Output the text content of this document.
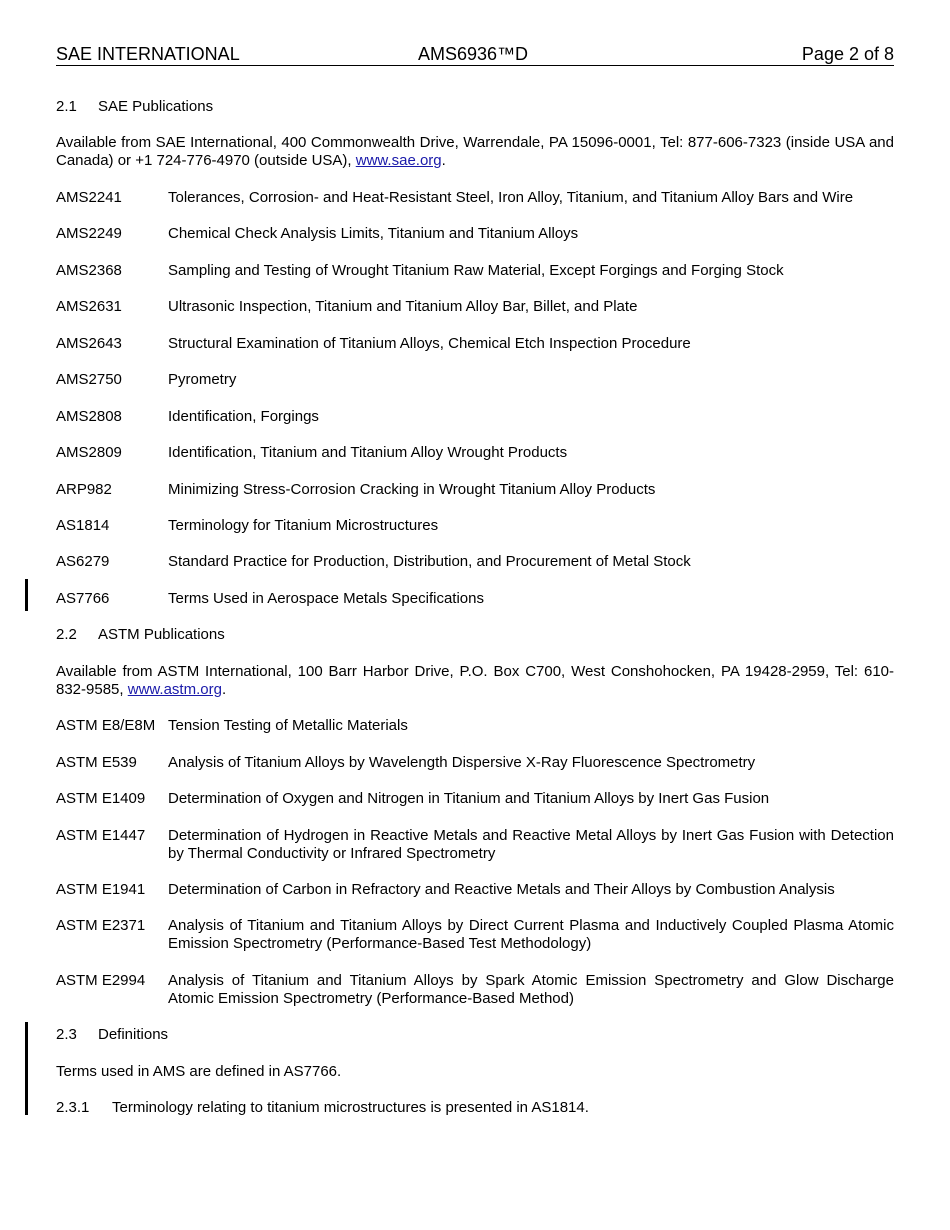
SAE INTERNATIONAL	AMS6936™D	Page 2 of 8
2.1 SAE Publications
Available from SAE International, 400 Commonwealth Drive, Warrendale, PA 15096-0001, Tel: 877-606-7323 (inside USA and Canada) or +1 724-776-4970 (outside USA), www.sae.org.
AMS2241	Tolerances, Corrosion- and Heat-Resistant Steel, Iron Alloy, Titanium, and Titanium Alloy Bars and Wire
AMS2249	Chemical Check Analysis Limits, Titanium and Titanium Alloys
AMS2368	Sampling and Testing of Wrought Titanium Raw Material, Except Forgings and Forging Stock
AMS2631	Ultrasonic Inspection, Titanium and Titanium Alloy Bar, Billet, and Plate
AMS2643	Structural Examination of Titanium Alloys, Chemical Etch Inspection Procedure
AMS2750	Pyrometry
AMS2808	Identification, Forgings
AMS2809	Identification, Titanium and Titanium Alloy Wrought Products
ARP982	Minimizing Stress-Corrosion Cracking in Wrought Titanium Alloy Products
AS1814	Terminology for Titanium Microstructures
AS6279	Standard Practice for Production, Distribution, and Procurement of Metal Stock
AS7766	Terms Used in Aerospace Metals Specifications
2.2 ASTM Publications
Available from ASTM International, 100 Barr Harbor Drive, P.O. Box C700, West Conshohocken, PA 19428-2959, Tel: 610-832-9585, www.astm.org.
ASTM E8/E8M Tension Testing of Metallic Materials
ASTM E539 Analysis of Titanium Alloys by Wavelength Dispersive X-Ray Fluorescence Spectrometry
ASTM E1409 Determination of Oxygen and Nitrogen in Titanium and Titanium Alloys by Inert Gas Fusion
ASTM E1447 Determination of Hydrogen in Reactive Metals and Reactive Metal Alloys by Inert Gas Fusion with Detection by Thermal Conductivity or Infrared Spectrometry
ASTM E1941 Determination of Carbon in Refractory and Reactive Metals and Their Alloys by Combustion Analysis
ASTM E2371 Analysis of Titanium and Titanium Alloys by Direct Current Plasma and Inductively Coupled Plasma Atomic Emission Spectrometry (Performance-Based Test Methodology)
ASTM E2994 Analysis of Titanium and Titanium Alloys by Spark Atomic Emission Spectrometry and Glow Discharge Atomic Emission Spectrometry (Performance-Based Method)
2.3 Definitions
Terms used in AMS are defined in AS7766.
2.3.1 Terminology relating to titanium microstructures is presented in AS1814.
